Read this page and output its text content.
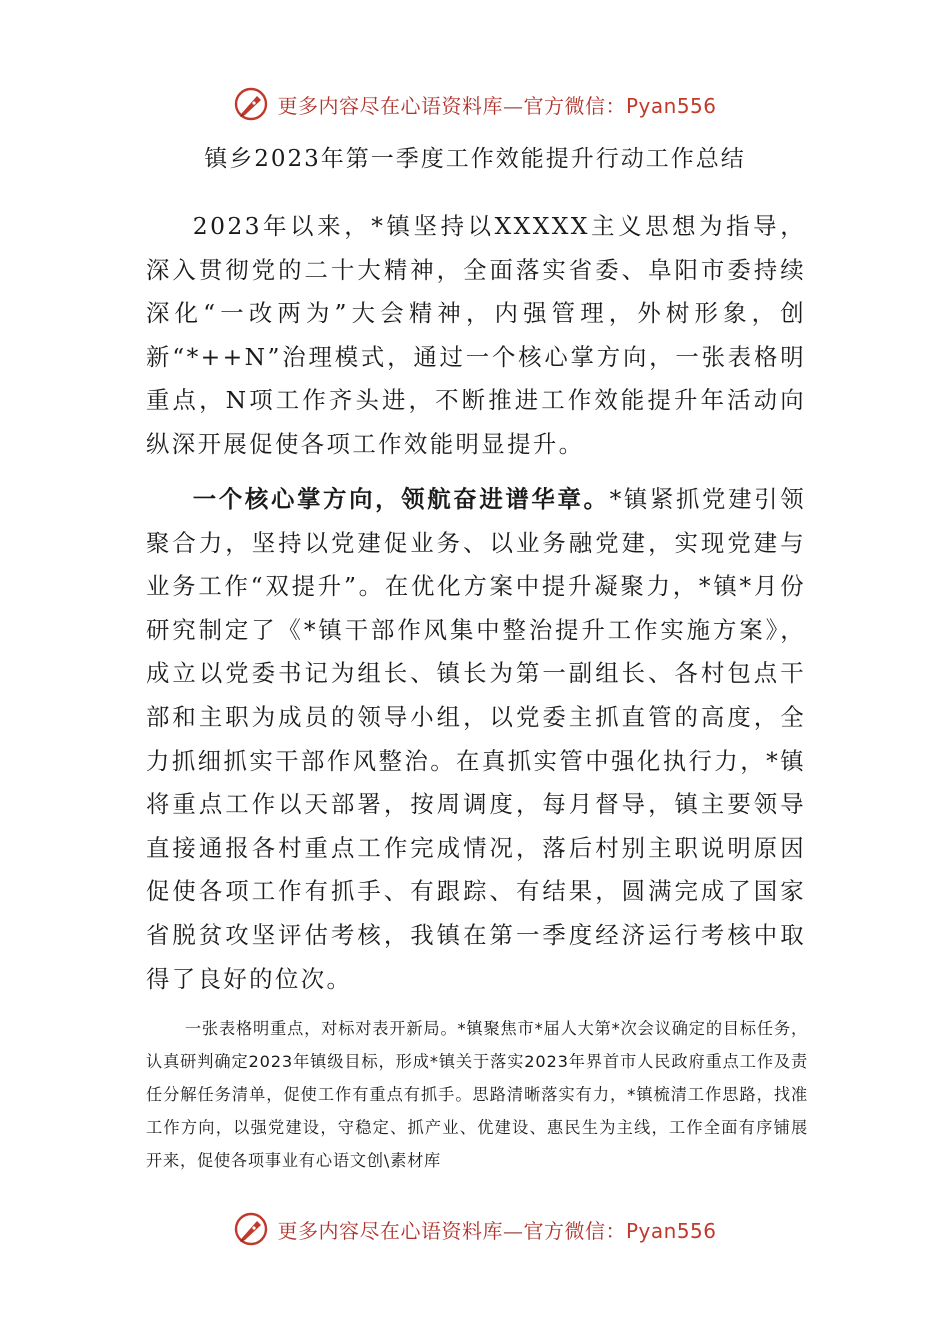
更多内容尽在心语资料库—官方微信：Pyan556
镇乡2023年第一季度工作效能提升行动工作总结

2023年以来，*镇坚持以XXXXX主义思想为指导，深入贯彻党的二十大精神，全面落实省委、阜阳市委持续深化“一改两为”大会精神，内强管理，外树形象，创新“*++N”治理模式，通过一个核心掌方向，一张表格明重点，N项工作齐头进，不断推进工作效能提升年活动向纵深开展促使各项工作效能明显提升。

一个核心掌方向，领航奋进谱华章。*镇紧抓党建引领聚合力，坚持以党建促业务、以业务融党建，实现党建与业务工作“双提升”。在优化方案中提升凝聚力，*镇*月份研究制定了《*镇干部作风集中整治提升工作实施方案》，成立以党委书记为组长、镇长为第一副组长、各村包点干部和主职为成员的领导小组，以党委主抓直管的高度，全力抓细抓实干部作风整治。在真抓实管中强化执行力，*镇将重点工作以天部署，按周调度，每月督导，镇主要领导直接通报各村重点工作完成情况，落后村别主职说明原因促使各项工作有抓手、有跟踪、有结果，圆满完成了国家省脱贫攻坚评估考核，我镇在第一季度经济运行考核中取得了良好的位次。

一张表格明重点，对标对表开新局。*镇聚焦市*届人大第*次会议确定的目标任务，认真研判确定2023年镇级目标，形成*镇关于落实2023年界首市人民政府重点工作及责任分解任务清单，促使工作有重点有抓手。思路清晰落实有力，*镇梳清工作思路，找准工作方向，以强党建设，守稳定、抓产业、优建设、惠民生为主线，工作全面有序铺展开来，促使各项事业有心语文创\素材库

更多内容尽在心语资料库—官方微信：Pyan556
